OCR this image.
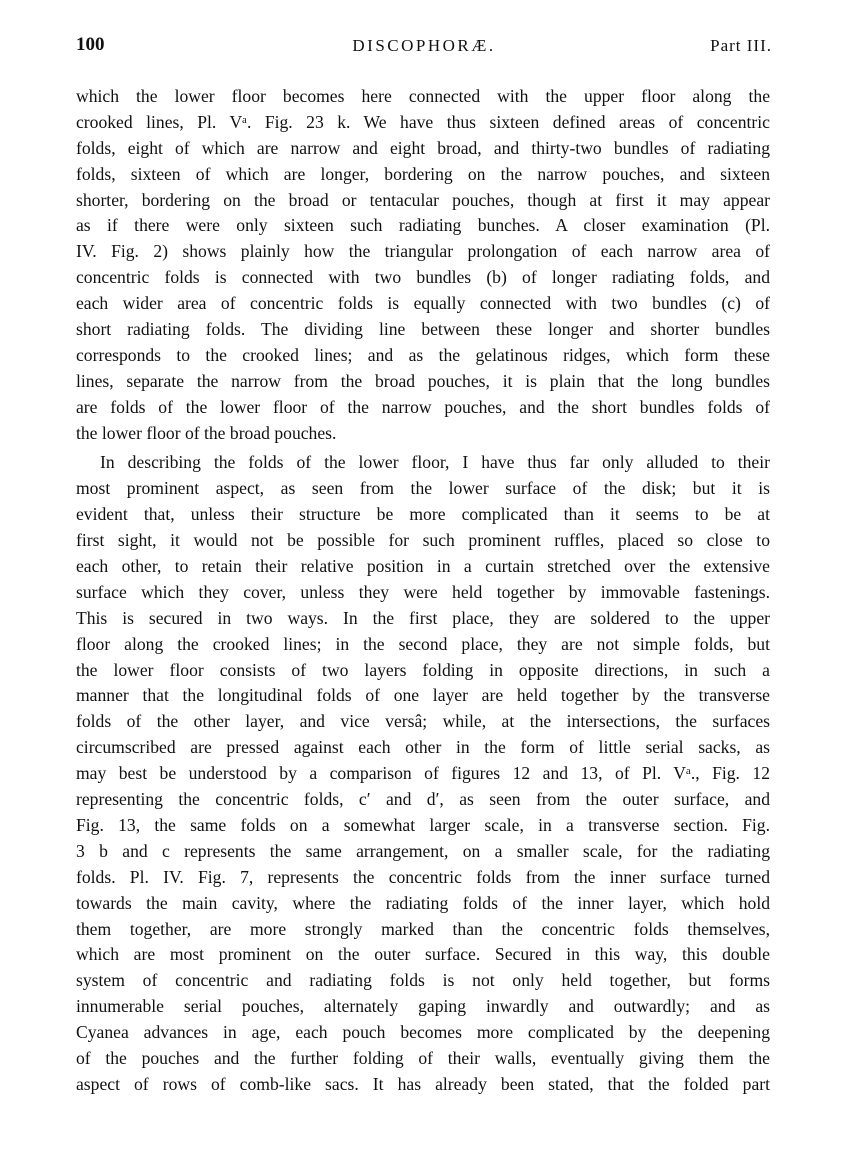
100	DISCOPHORÆ.	Part III.
which the lower floor becomes here connected with the upper floor along the
crooked lines, Pl. Vᵃ. Fig. 23 k. We have thus sixteen defined areas of concentric
folds, eight of which are narrow and eight broad, and thirty-two bundles of radiating
folds, sixteen of which are longer, bordering on the narrow pouches, and sixteen
shorter, bordering on the broad or tentacular pouches, though at first it may appear
as if there were only sixteen such radiating bunches. A closer examination (Pl.
IV. Fig. 2) shows plainly how the triangular prolongation of each narrow area of
concentric folds is connected with two bundles (b) of longer radiating folds, and
each wider area of concentric folds is equally connected with two bundles (c) of
short radiating folds. The dividing line between these longer and shorter bundles
corresponds to the crooked lines; and as the gelatinous ridges, which form these
lines, separate the narrow from the broad pouches, it is plain that the long bundles
are folds of the lower floor of the narrow pouches, and the short bundles folds of
the lower floor of the broad pouches.
In describing the folds of the lower floor, I have thus far only alluded to their
most prominent aspect, as seen from the lower surface of the disk; but it is
evident that, unless their structure be more complicated than it seems to be at
first sight, it would not be possible for such prominent ruffles, placed so close to
each other, to retain their relative position in a curtain stretched over the extensive
surface which they cover, unless they were held together by immovable fastenings.
This is secured in two ways. In the first place, they are soldered to the upper
floor along the crooked lines; in the second place, they are not simple folds, but
the lower floor consists of two layers folding in opposite directions, in such a
manner that the longitudinal folds of one layer are held together by the transverse
folds of the other layer, and vice versâ; while, at the intersections, the surfaces
circumscribed are pressed against each other in the form of little serial sacks, as
may best be understood by a comparison of figures 12 and 13, of Pl. Vᵃ., Fig. 12
representing the concentric folds, c′ and d′, as seen from the outer surface, and
Fig. 13, the same folds on a somewhat larger scale, in a transverse section. Fig.
3 b and c represents the same arrangement, on a smaller scale, for the radiating
folds. Pl. IV. Fig. 7, represents the concentric folds from the inner surface turned
towards the main cavity, where the radiating folds of the inner layer, which hold
them together, are more strongly marked than the concentric folds themselves,
which are most prominent on the outer surface. Secured in this way, this double
system of concentric and radiating folds is not only held together, but forms
innumerable serial pouches, alternately gaping inwardly and outwardly; and as
Cyanea advances in age, each pouch becomes more complicated by the deepening
of the pouches and the further folding of their walls, eventually giving them the
aspect of rows of comb-like sacs. It has already been stated, that the folded part
